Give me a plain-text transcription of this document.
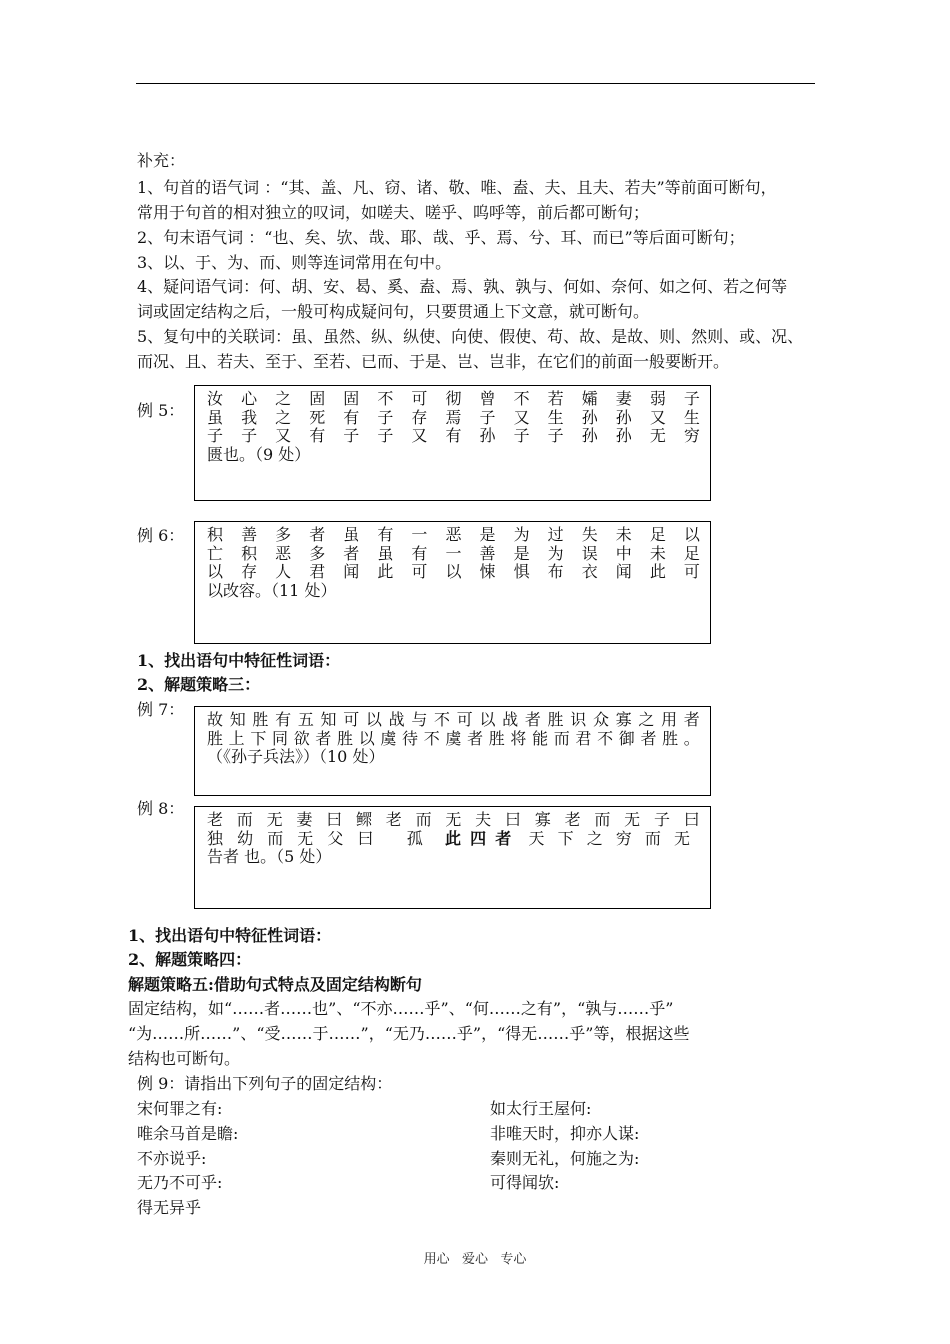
补充：
1、句首的语气词 ：“其、盖、凡、窃、诸、敬、唯、盍、夫、且夫、若夫”等前面可断句，
常用于句首的相对独立的叹词，如嗟夫、嗟乎、呜呼等，前后都可断句；
2、句末语气词 ：“也、矣、欤、哉、耶、哉、乎、焉、兮、耳、而已”等后面可断句；
3、以、于、为、而、则等连词常用在句中。
4、疑问语气词：何、胡、安、曷、奚、盍、焉、孰、孰与、何如、奈何、如之何、若之何等
词或固定结构之后，一般可构成疑问句，只要贯通上下文意，就可断句。
5、复句中的关联词：虽、虽然、纵、纵使、向使、假使、苟、故、是故、则、然则、或、况、
而况、且、若夫、至于、至若、已而、于是、岂、岂非，在它们的前面一般要断开。
例 5：
汝 心 之 固 固 不 可 彻 曾 不 若 孀 妻 弱 子
虽 我 之 死 有 子 存 焉 子 又 生 孙 孙 又 生
子 子 又 有 子 子 又 有 孙 子 子 孙 孙 无 穷
匮也。（9 处）
例 6： 积 善 多 者 虽 有 一 恶 是 为 过 失 未 足 以
亡 积 恶 多 者 虽 有 一 善 是 为 误 中 未 足
以 存 人 君 闻 此 可 以 悚 惧 布 衣 闻 此 可
以改容。（11 处）
1、找出语句中特征性词语：
2、解题策略三：
例 7：
故 知 胜 有 五 知 可 以 战 与 不 可 以 战 者 胜 识 众 寡 之 用 者
胜 上 下 同 欲 者 胜 以 虞 待 不 虞 者 胜 将 能 而 君 不 御 者 胜 。
（《孙子兵法》）（10 处）
例 8：
老 而 无 妻 曰 鳏 老 而 无 夫 曰 寡 老 而 无 子 曰
独幼而无父曰 孤 此四者 天下之穷而无
告者 也。（5 处）
1、找出语句中特征性词语：
2、解题策略四：
解题策略五:借助句式特点及固定结构断句
固定结构，如“……者……也”、“不亦……乎”、“何……之有”，“孰与……乎”
“为……所……”、“受……于……”，“无乃……乎”，“得无……乎”等，根据这些
结构也可断句。
例 9：请指出下列句子的固定结构：
宋何罪之有:
唯余马首是瞻:
不亦说乎:
无乃不可乎:
得无异乎
如太行王屋何:
非唯天时，抑亦人谋:
秦则无礼，何施之为:
可得闻欤:
用心   爱心   专心
